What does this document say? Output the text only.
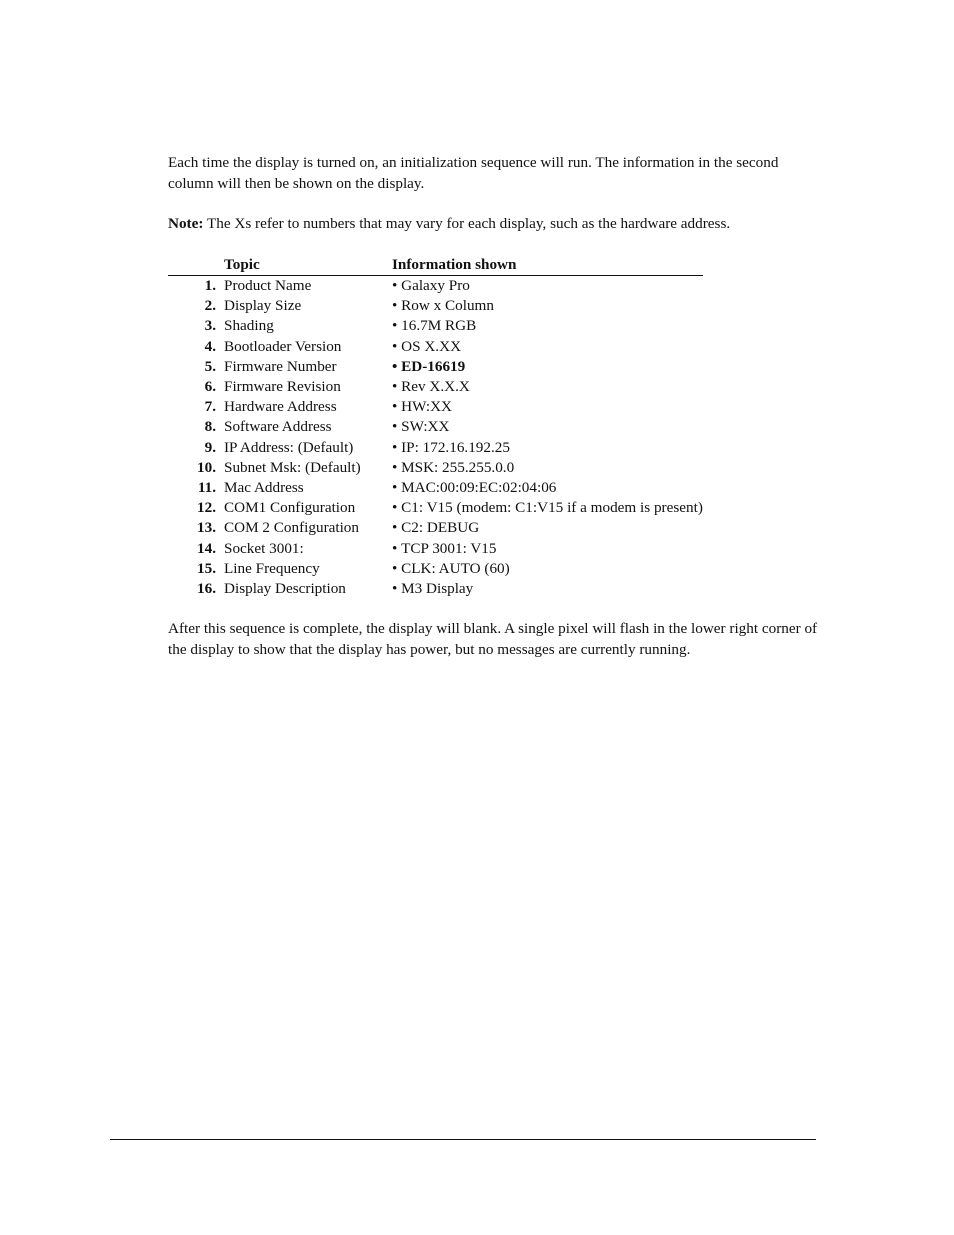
Each time the display is turned on, an initialization sequence will run. The information in the second column will then be shown on the display.

Note: The Xs refer to numbers that may vary for each display, such as the hardware address.

	Topic	Information shown
1.	Product Name	• Galaxy Pro
2.	Display Size	• Row x Column
3.	Shading	• 16.7M RGB
4.	Bootloader Version	• OS X.XX
5.	Firmware Number	• ED-16619
6.	Firmware Revision	• Rev X.X.X
7.	Hardware Address	• HW:XX
8.	Software Address	• SW:XX
9.	IP Address: (Default)	• IP: 172.16.192.25
10.	Subnet Msk: (Default)	• MSK: 255.255.0.0
11.	Mac Address	• MAC:00:09:EC:02:04:06
12.	COM1 Configuration	• C1: V15 (modem: C1:V15 if a modem is present)
13.	COM 2 Configuration	• C2: DEBUG
14.	Socket 3001:	• TCP 3001: V15
15.	Line Frequency	• CLK: AUTO (60)
16.	Display Description	• M3 Display

After this sequence is complete, the display will blank. A single pixel will flash in the lower right corner of the display to show that the display has power, but no messages are currently running.
